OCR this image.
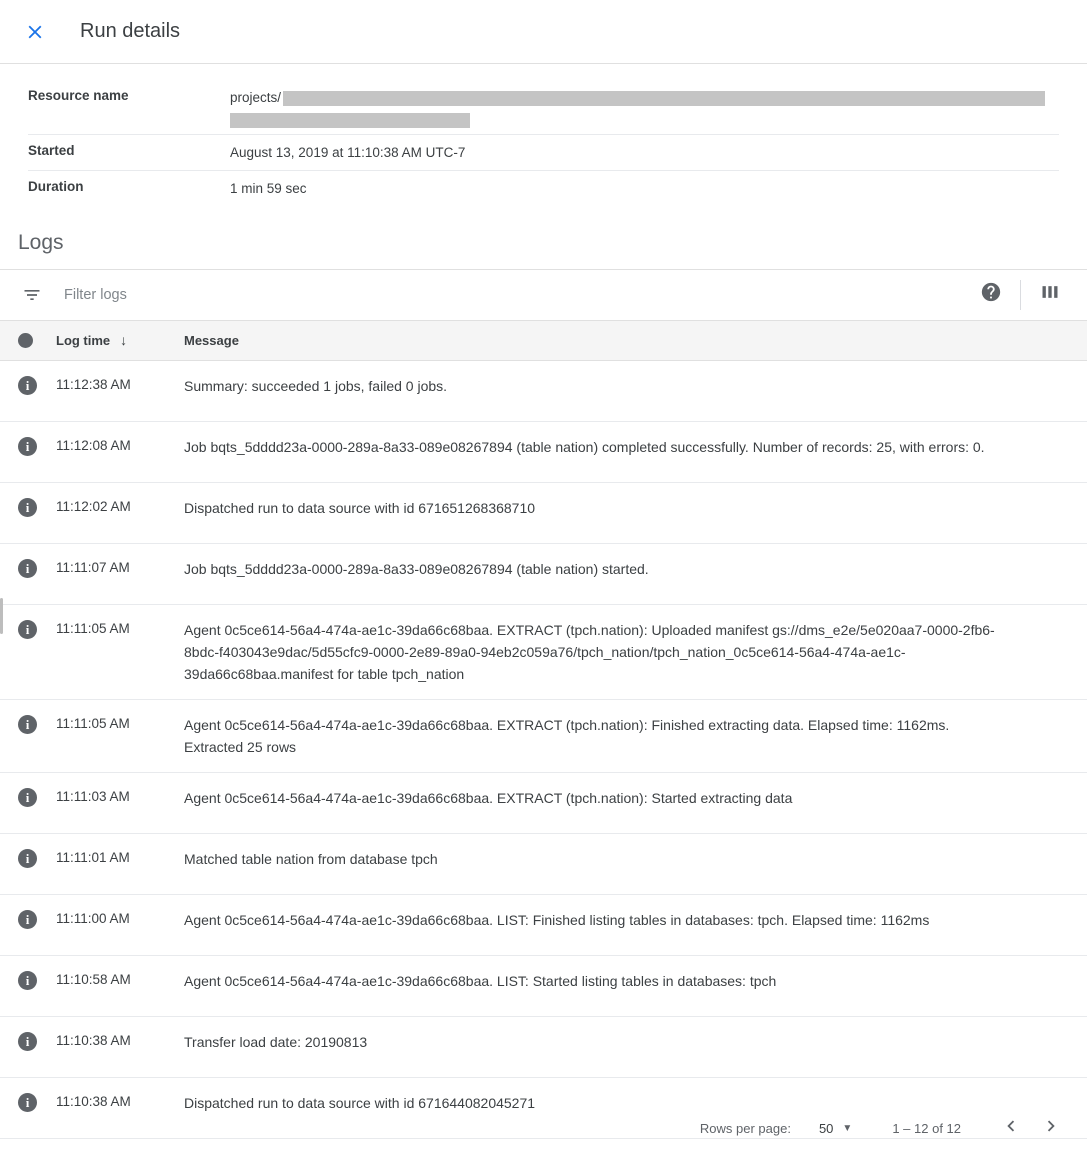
Run details
Resource name	projects/
Started	August 13, 2019 at 11:10:38 AM UTC-7
Duration	1 min 59 sec
Logs
Filter logs
Log time ↓	Message
i	11:12:38 AM	Summary: succeeded 1 jobs, failed 0 jobs.
i	11:12:08 AM	Job bqts_5dddd23a-0000-289a-8a33-089e08267894 (table nation) completed successfully. Number of records: 25, with errors: 0.
i	11:12:02 AM	Dispatched run to data source with id 671651268368710
i	11:11:07 AM	Job bqts_5dddd23a-0000-289a-8a33-089e08267894 (table nation) started.
i	11:11:05 AM	Agent 0c5ce614-56a4-474a-ae1c-39da66c68baa. EXTRACT (tpch.nation): Uploaded manifest gs://dms_e2e/5e020aa7-0000-2fb6-8bdc-f403043e9dac/5d55cfc9-0000-2e89-89a0-94eb2c059a76/tpch_nation/tpch_nation_0c5ce614-56a4-474a-ae1c-39da66c68baa.manifest for table tpch_nation
i	11:11:05 AM	Agent 0c5ce614-56a4-474a-ae1c-39da66c68baa. EXTRACT (tpch.nation): Finished extracting data. Elapsed time: 1162ms. Extracted 25 rows
i	11:11:03 AM	Agent 0c5ce614-56a4-474a-ae1c-39da66c68baa. EXTRACT (tpch.nation): Started extracting data
i	11:11:01 AM	Matched table nation from database tpch
i	11:11:00 AM	Agent 0c5ce614-56a4-474a-ae1c-39da66c68baa. LIST: Finished listing tables in databases: tpch. Elapsed time: 1162ms
i	11:10:58 AM	Agent 0c5ce614-56a4-474a-ae1c-39da66c68baa. LIST: Started listing tables in databases: tpch
i	11:10:38 AM	Transfer load date: 20190813
i	11:10:38 AM	Dispatched run to data source with id 671644082045271
Rows per page: 50 ▼	1 – 12 of 12
